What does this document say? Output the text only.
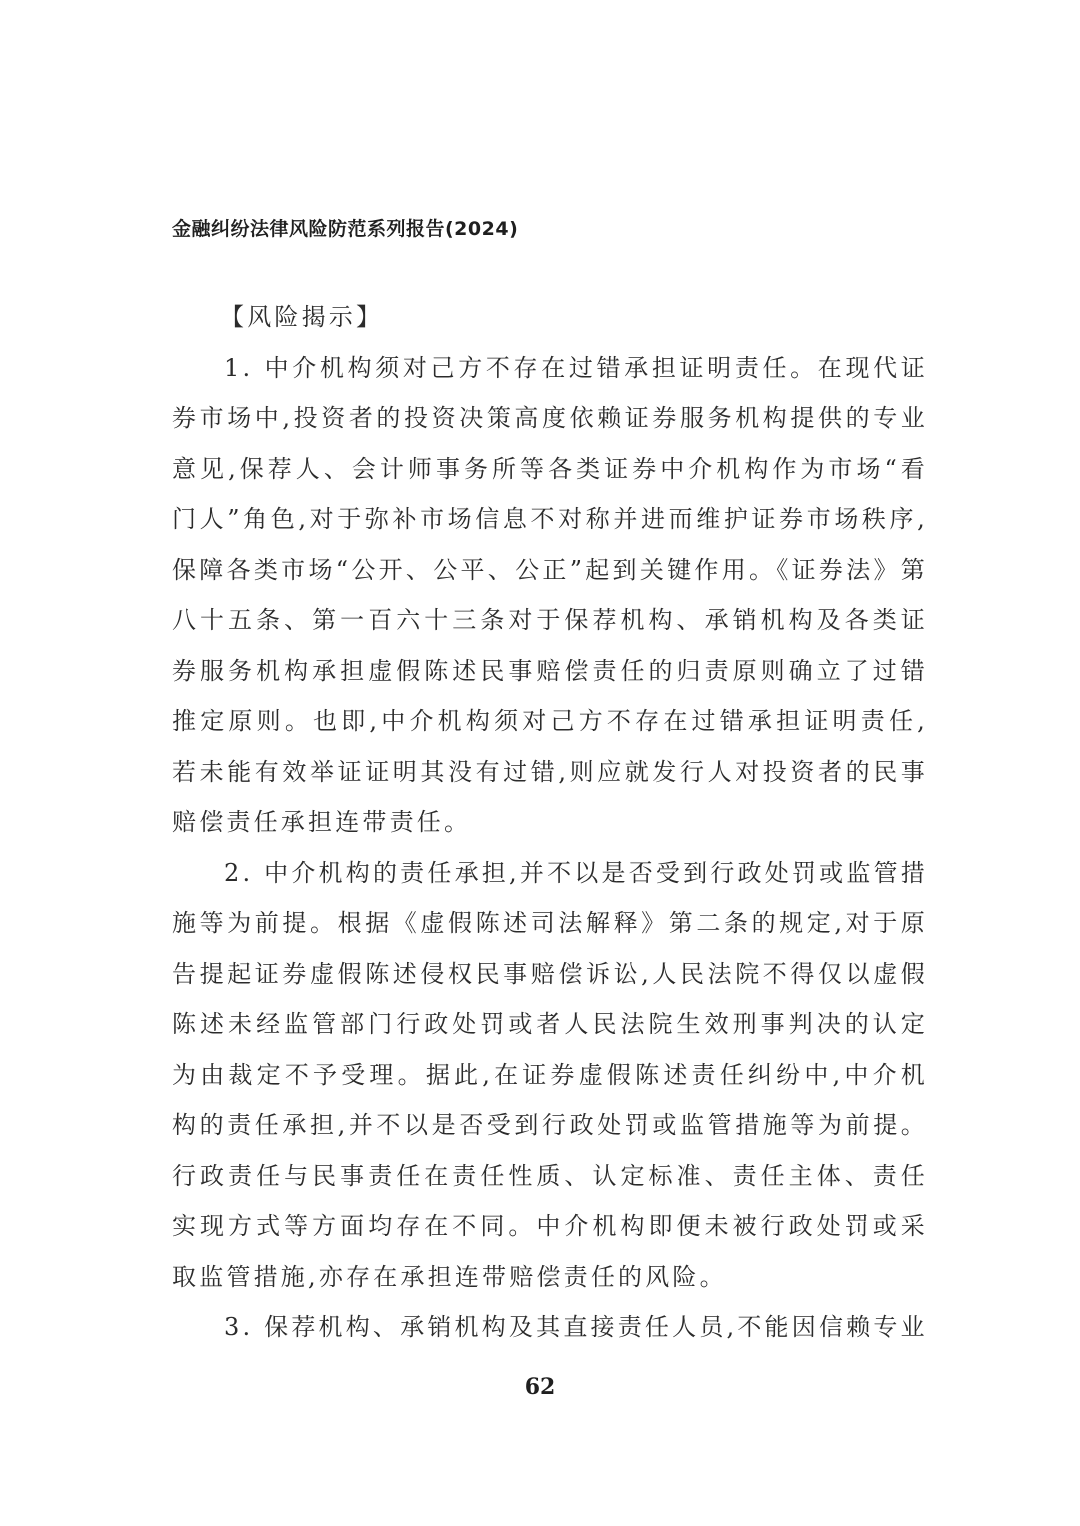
金融纠纷法律风险防范系列报告(2024)

【风险揭示】

1. 中介机构须对己方不存在过错承担证明责任。在现代证券市场中,投资者的投资决策高度依赖证券服务机构提供的专业意见,保荐人、会计师事务所等各类证券中介机构作为市场“看门人”角色,对于弥补市场信息不对称并进而维护证券市场秩序,保障各类市场“公开、公平、公正”起到关键作用。《证券法》第八十五条、第一百六十三条对于保荐机构、承销机构及各类证券服务机构承担虚假陈述民事赔偿责任的归责原则确立了过错推定原则。也即,中介机构须对己方不存在过错承担证明责任,若未能有效举证证明其没有过错,则应就发行人对投资者的民事赔偿责任承担连带责任。

2. 中介机构的责任承担,并不以是否受到行政处罚或监管措施等为前提。根据《虚假陈述司法解释》第二条的规定,对于原告提起证券虚假陈述侵权民事赔偿诉讼,人民法院不得仅以虚假陈述未经监管部门行政处罚或者人民法院生效刑事判决的认定为由裁定不予受理。据此,在证券虚假陈述责任纠纷中,中介机构的责任承担,并不以是否受到行政处罚或监管措施等为前提。行政责任与民事责任在责任性质、认定标准、责任主体、责任实现方式等方面均存在不同。中介机构即便未被行政处罚或采取监管措施,亦存在承担连带赔偿责任的风险。

3. 保荐机构、承销机构及其直接责任人员,不能因信赖专业

62
